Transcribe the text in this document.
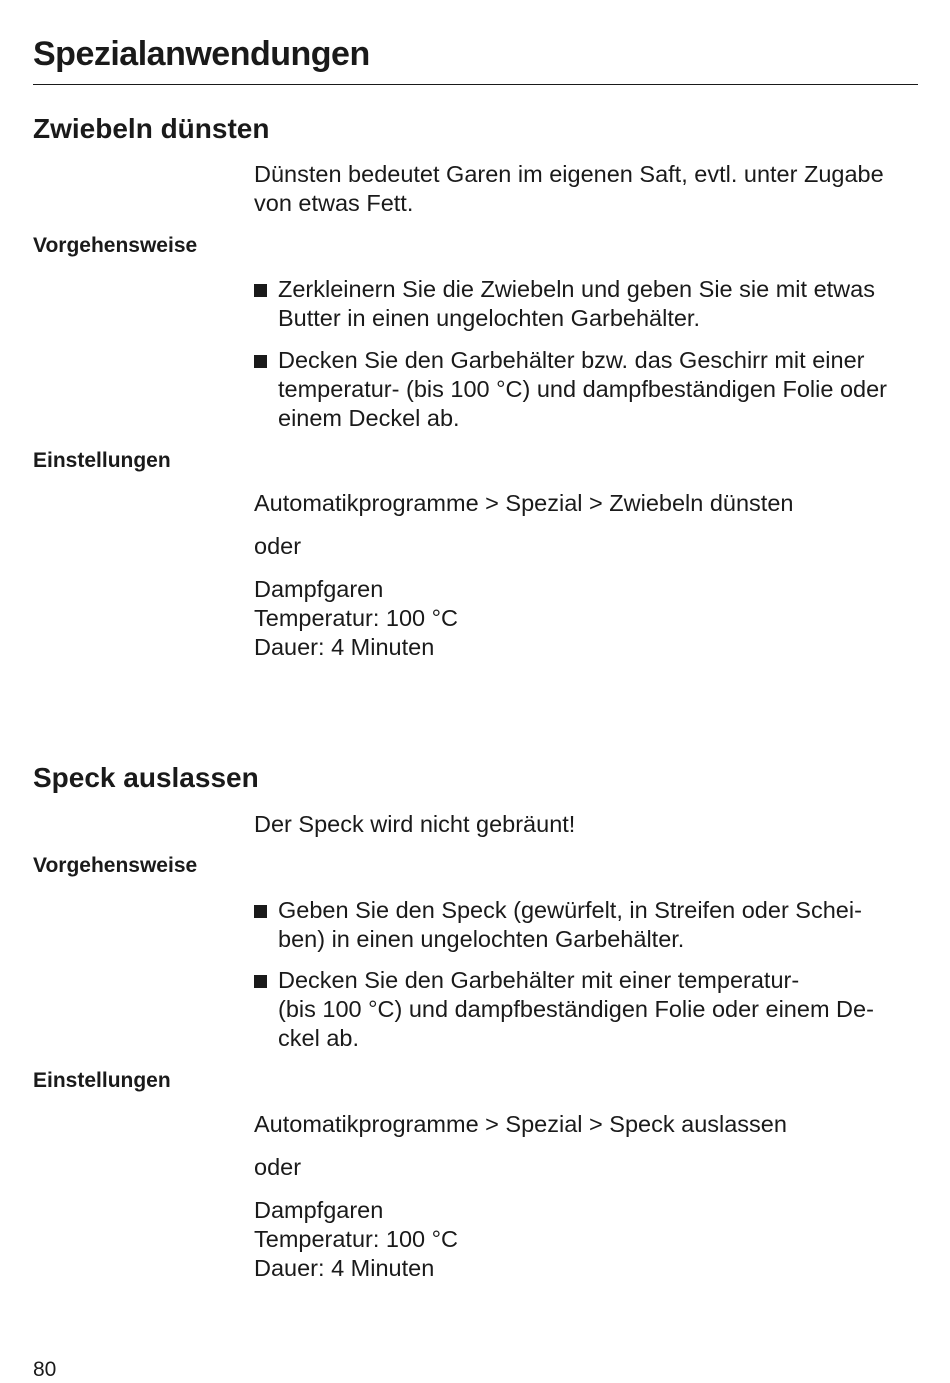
Spezialanwendungen
Zwiebeln dünsten
Dünsten bedeutet Garen im eigenen Saft, evtl. unter Zugabe
von etwas Fett.
Vorgehensweise
Zerkleinern Sie die Zwiebeln und geben Sie sie mit etwas
Butter in einen ungelochten Garbehälter.
Decken Sie den Garbehälter bzw. das Geschirr mit einer
temperatur- (bis 100 °C) und dampfbeständigen Folie oder
einem Deckel ab.
Einstellungen
Automatikprogramme > Spezial > Zwiebeln dünsten
oder
Dampfgaren
Temperatur: 100 °C
Dauer: 4 Minuten
Speck auslassen
Der Speck wird nicht gebräunt!
Vorgehensweise
Geben Sie den Speck (gewürfelt, in Streifen oder Schei-
ben) in einen ungelochten Garbehälter.
Decken Sie den Garbehälter mit einer temperatur-
(bis 100 °C) und dampfbeständigen Folie oder einem De-
ckel ab.
Einstellungen
Automatikprogramme > Spezial > Speck auslassen
oder
Dampfgaren
Temperatur: 100 °C
Dauer: 4 Minuten
80
